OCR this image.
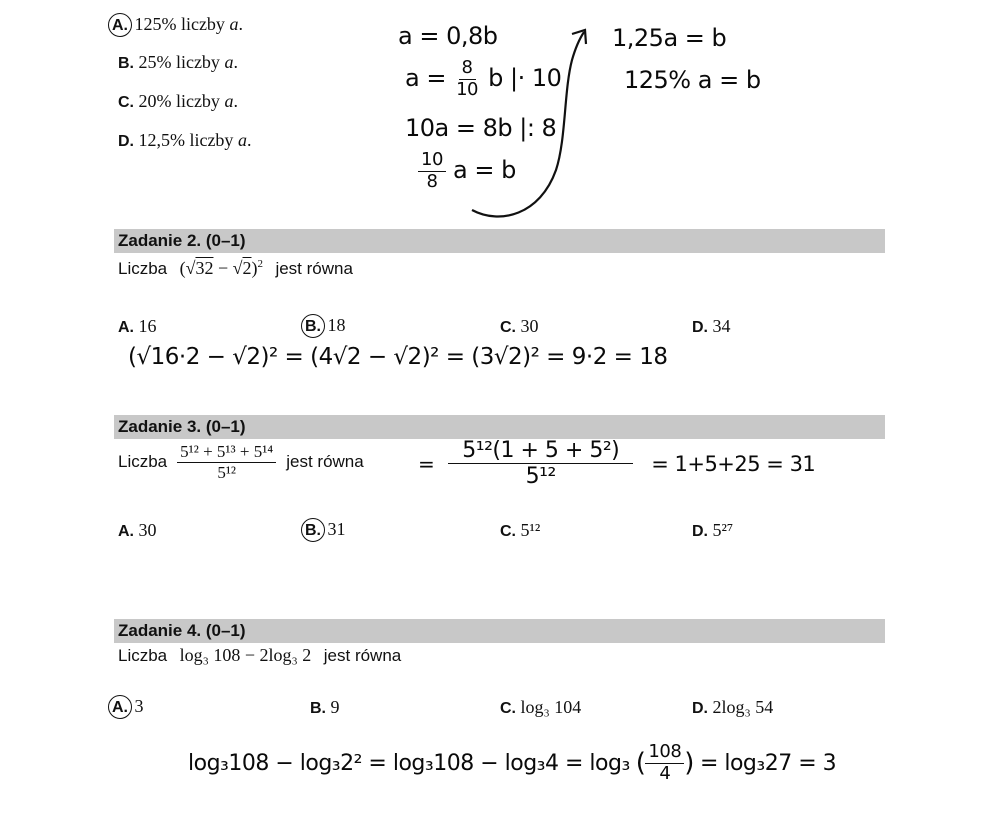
A. 125% liczby a.
B. 25% liczby a.
C. 20% liczby a.
D. 12,5% liczby a.
a = 0,8b
$a = \frac{8}{10}$ b |· 10
10a = 8b |: 8
$\frac{10}{8}$ a = b
1,25a = b
125% a = b
Zadanie 2. (0–1)
Liczba $(√32 - √2)^2$ jest równa
A. 16	B. 18	C. 30	D. 34
(√16·2 − √2)² = (4√2 − √2)² = (3√2)² = 9·2 = 18
Zadanie 3. (0–1)
Liczba $\frac{\text{5¹² + 5¹³ + 5¹⁴}}{\text{5¹²}}$ jest równa	= $\frac{\text{5¹²(1 + 5 + 5²)}}{\text{5¹²}} = 1+5+25 = 31$
A. 30	B. 31	C. 5¹²	D. 5²⁷
Zadanie 4. (0–1)
Liczba log₃ 108 − 2log₃ 2 jest równa
A. 3	B. 9	C. log₃ 104	D. 2log₃ 54
log₃108 − log₃2² = log₃108 − log₃4 = log₃ ( $\frac{108}{4}$ ) = log₃27 = 3
